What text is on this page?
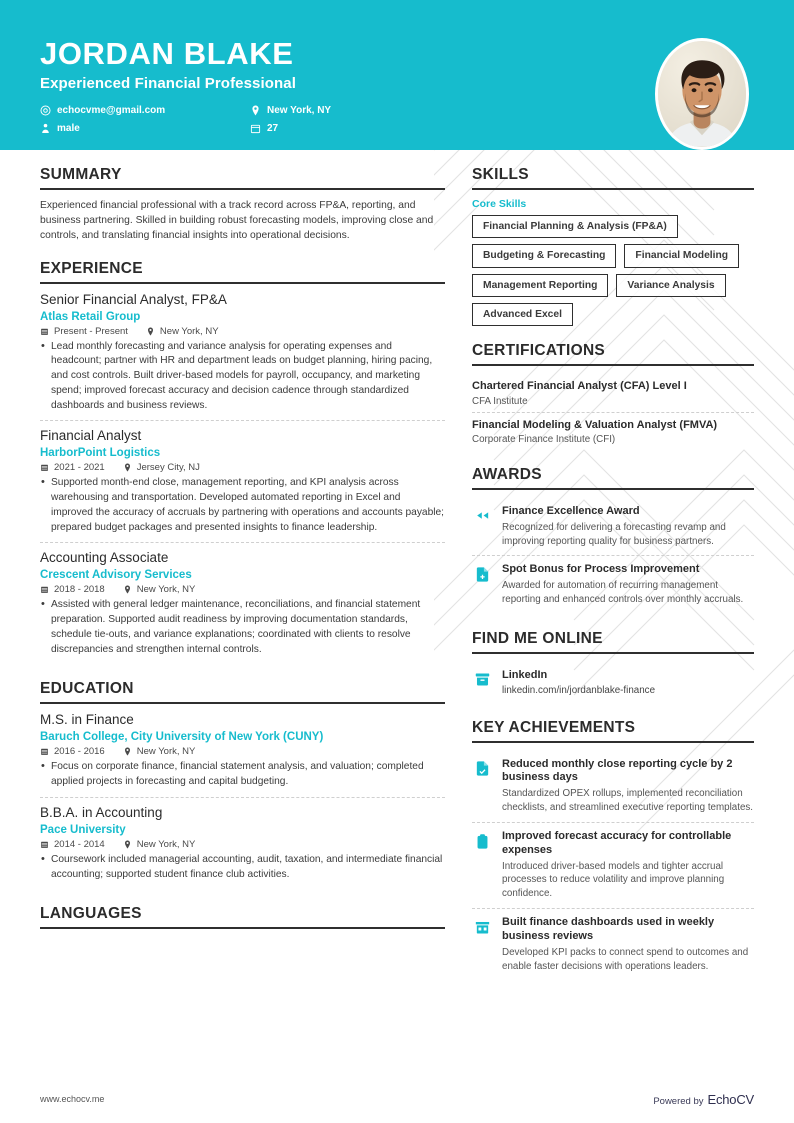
JORDAN BLAKE
Experienced Financial Professional
echocvme@gmail.com	New York, NY
male	27
SUMMARY
Experienced financial professional with a track record across FP&A, reporting, and business partnering. Skilled in building robust forecasting models, improving close and controls, and translating financial insights into operational decisions.
EXPERIENCE
Senior Financial Analyst, FP&A
Atlas Retail Group
Present - Present	New York, NY
• Lead monthly forecasting and variance analysis for operating expenses and headcount; partner with HR and department leads on budget planning, hiring pacing, and cost controls. Built driver-based models for payroll, occupancy, and marketing spend; improved forecast accuracy and decision cadence through standardized dashboards and business reviews.
Financial Analyst
HarborPoint Logistics
2021 - 2021	Jersey City, NJ
• Supported month-end close, management reporting, and KPI analysis across warehousing and transportation. Developed automated reporting in Excel and improved the accuracy of accruals by partnering with operations and accounts payable; prepared budget packages and presented insights to finance leadership.
Accounting Associate
Crescent Advisory Services
2018 - 2018	New York, NY
• Assisted with general ledger maintenance, reconciliations, and financial statement preparation. Supported audit readiness by improving documentation standards, schedule tie-outs, and variance explanations; coordinated with clients to resolve discrepancies and strengthen internal controls.
EDUCATION
M.S. in Finance
Baruch College, City University of New York (CUNY)
2016 - 2016	New York, NY
• Focus on corporate finance, financial statement analysis, and valuation; completed applied projects in forecasting and capital budgeting.
B.B.A. in Accounting
Pace University
2014 - 2014	New York, NY
• Coursework included managerial accounting, audit, taxation, and intermediate financial accounting; supported student finance club activities.
LANGUAGES
SKILLS
Core Skills
Financial Planning & Analysis (FP&A)
Budgeting & Forecasting	Financial Modeling
Management Reporting	Variance Analysis
Advanced Excel
CERTIFICATIONS
Chartered Financial Analyst (CFA) Level I
CFA Institute
Financial Modeling & Valuation Analyst (FMVA)
Corporate Finance Institute (CFI)
AWARDS
Finance Excellence Award
Recognized for delivering a forecasting revamp and improving reporting quality for business partners.
Spot Bonus for Process Improvement
Awarded for automation of recurring management reporting and enhanced controls over monthly accruals.
FIND ME ONLINE
LinkedIn
linkedin.com/in/jordanblake-finance
KEY ACHIEVEMENTS
Reduced monthly close reporting cycle by 2 business days
Standardized OPEX rollups, implemented reconciliation checklists, and streamlined executive reporting templates.
Improved forecast accuracy for controllable expenses
Introduced driver-based models and tighter accrual processes to reduce volatility and improve planning confidence.
Built finance dashboards used in weekly business reviews
Developed KPI packs to connect spend to outcomes and enable faster decisions with operations leaders.
www.echocv.me	Powered by EchoCV
